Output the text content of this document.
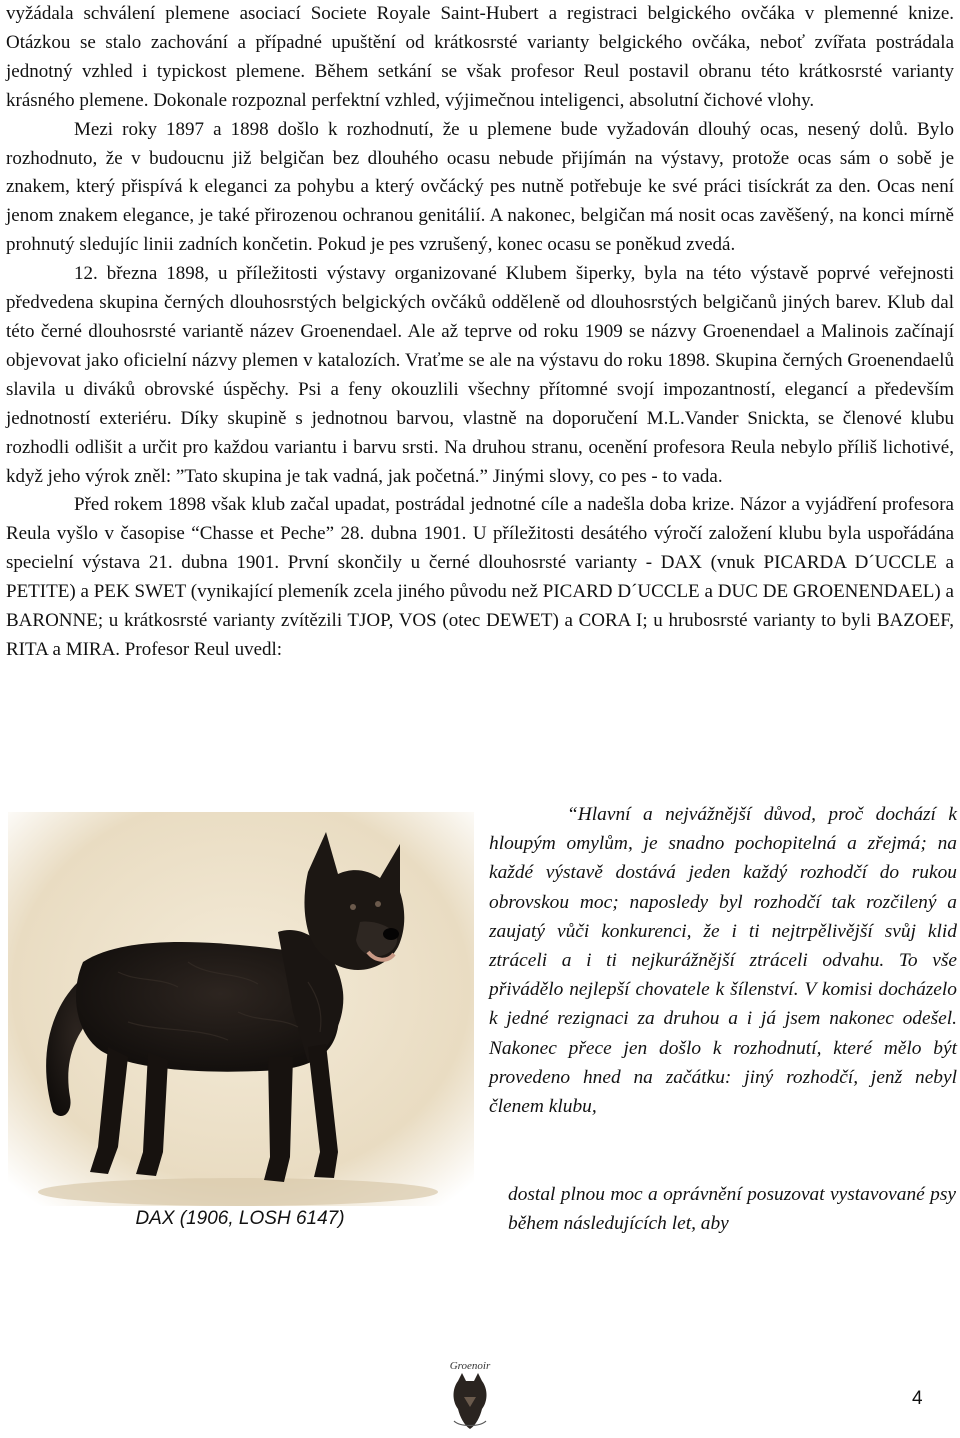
vyžádala schválení plemene asociací Societe Royale Saint-Hubert a registraci belgického ovčáka v plemenné knize. Otázkou se stalo zachování a případné upuštění od krátkosrsté varianty belgického ovčáka, neboť zvířata postrádala jednotný vzhled i typickost plemene. Během setkání se však profesor Reul postavil obranu této krátkosrsté varianty krásného plemene. Dokonale rozpoznal perfektní vzhled, výjimečnou inteligenci, absolutní čichové vlohy.

Mezi roky 1897 a 1898 došlo k rozhodnutí, že u plemene bude vyžadován dlouhý ocas, nesený dolů. Bylo rozhodnuto, že v budoucnu již belgičan bez dlouhého ocasu nebude přijímán na výstavy, protože ocas sám o sobě je znakem, který přispívá k eleganci za pohybu a který ovčácký pes nutně potřebuje ke své práci tisíckrát za den. Ocas není jenom znakem elegance, je také přirozenou ochranou genitálií. A nakonec, belgičan má nosit ocas zavěšený, na konci mírně prohnutý sledujíc linii zadních končetin. Pokud je pes vzrušený, konec ocasu se poněkud zvedá.

12. března 1898, u příležitosti výstavy organizované Klubem šiperky, byla na této výstavě poprvé veřejnosti předvedena skupina černých dlouhosrstých belgických ovčáků odděleně od dlouhosrstých belgičanů jiných barev. Klub dal této černé dlouhosrsté variantě název Groenendael. Ale až teprve od roku 1909 se názvy Groenendael a Malinois začínají objevovat jako oficielní názvy plemen v katalozích. Vraťme se ale na výstavu do roku 1898. Skupina černých Groenendaelů slavila u diváků obrovské úspěchy. Psi a feny okouzlili všechny přítomné svojí impozantností, elegancí a především jednotností exteriéru. Díky skupině s jednotnou barvou, vlastně na doporučení M.L.Vander Snickta, se členové klubu rozhodli odlišit a určit pro každou variantu i barvu srsti. Na druhou stranu, ocenění profesora Reula nebylo příliš lichotivé, když jeho výrok zněl: ”Tato skupina je tak vadná, jak početná.” Jinými slovy, co pes - to vada.

Před rokem 1898 však klub začal upadat, postrádal jednotné cíle a nadešla doba krize. Názor a vyjádření profesora Reula vyšlo v časopise “Chasse et Peche” 28. dubna 1901. U příležitosti desátého výročí založení klubu byla uspořádána specielní výstava 21. dubna 1901. První skončily u černé dlouhosrsté varianty - DAX (vnuk PICARDA D´UCCLE a PETITE) a PEK SWET (vynikající plemeník zcela jiného původu než PICARD D´UCCLE a DUC DE GROENENDAEL) a BARONNE; u krátkosrsté varianty zvítězili TJOP, VOS (otec DEWET) a CORA I; u hrubosrsté varianty to byli BAZOEF, RITA a MIRA. Profesor Reul uvedl:

DAX (1906, LOSH 6147)

“Hlavní a nejvážnější důvod, proč dochází k hloupým omylům, je snadno pochopitelná a zřejmá; na každé výstavě dostává jeden každý rozhodčí do rukou obrovskou moc; naposledy byl rozhodčí tak rozčilený a zaujatý vůči konkurenci, že i ti nejtrpělivější svůj klid ztráceli a i ti nejkurážnější ztráceli odvahu. To vše přivádělo nejlepší chovatele k šílenství. V komisi docházelo k jedné rezignaci za druhou a i já jsem nakonec odešel. Nakonec přece jen došlo k rozhodnutí, které mělo být provedeno hned na začátku: jiný rozhodčí, jenž nebyl členem klubu,

dostal plnou moc a oprávnění posuzovat vystavované psy během následujících let, aby

Groenoir
4
